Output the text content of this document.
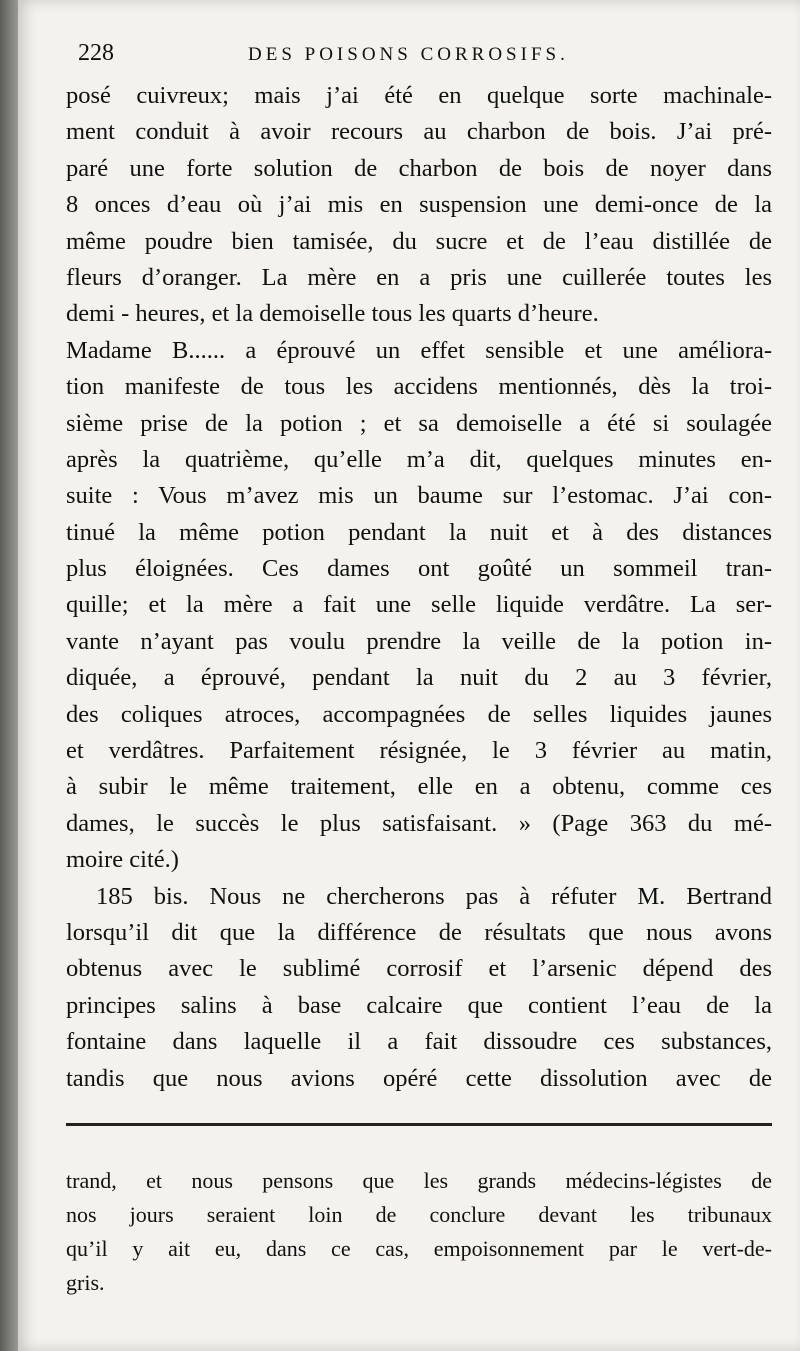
228	DES POISONS CORROSIFS.
posé cuivreux; mais j’ai été en quelque sorte machinale-
ment conduit à avoir recours au charbon de bois. J’ai pré-
paré une forte solution de charbon de bois de noyer dans
8 onces d’eau où j’ai mis en suspension une demi-once de la
même poudre bien tamisée, du sucre et de l’eau distillée de
fleurs d’oranger. La mère en a pris une cuillerée toutes les
demi - heures, et la demoiselle tous les quarts d’heure.
Madame B...... a éprouvé un effet sensible et une améliora-
tion manifeste de tous les accidens mentionnés, dès la troi-
sième prise de la potion ; et sa demoiselle a été si soulagée
après la quatrième, qu’elle m’a dit, quelques minutes en-
suite : Vous m’avez mis un baume sur l’estomac. J’ai con-
tinué la même potion pendant la nuit et à des distances
plus éloignées. Ces dames ont goûté un sommeil tran-
quille; et la mère a fait une selle liquide verdâtre. La ser-
vante n’ayant pas voulu prendre la veille de la potion in-
diquée, a éprouvé, pendant la nuit du 2 au 3 février,
des coliques atroces, accompagnées de selles liquides jaunes
et verdâtres. Parfaitement résignée, le 3 février au matin,
à subir le même traitement, elle en a obtenu, comme ces
dames, le succès le plus satisfaisant. » (Page 363 du mé-
moire cité.)
185 bis. Nous ne chercherons pas à réfuter M. Bertrand
lorsqu’il dit que la différence de résultats que nous avons
obtenus avec le sublimé corrosif et l’arsenic dépend des
principes salins à base calcaire que contient l’eau de la
fontaine dans laquelle il a fait dissoudre ces substances,
tandis que nous avions opéré cette dissolution avec de
trand, et nous pensons que les grands médecins-légistes de
nos jours seraient loin de conclure devant les tribunaux
qu’il y ait eu, dans ce cas, empoisonnement par le vert-de-
gris.
